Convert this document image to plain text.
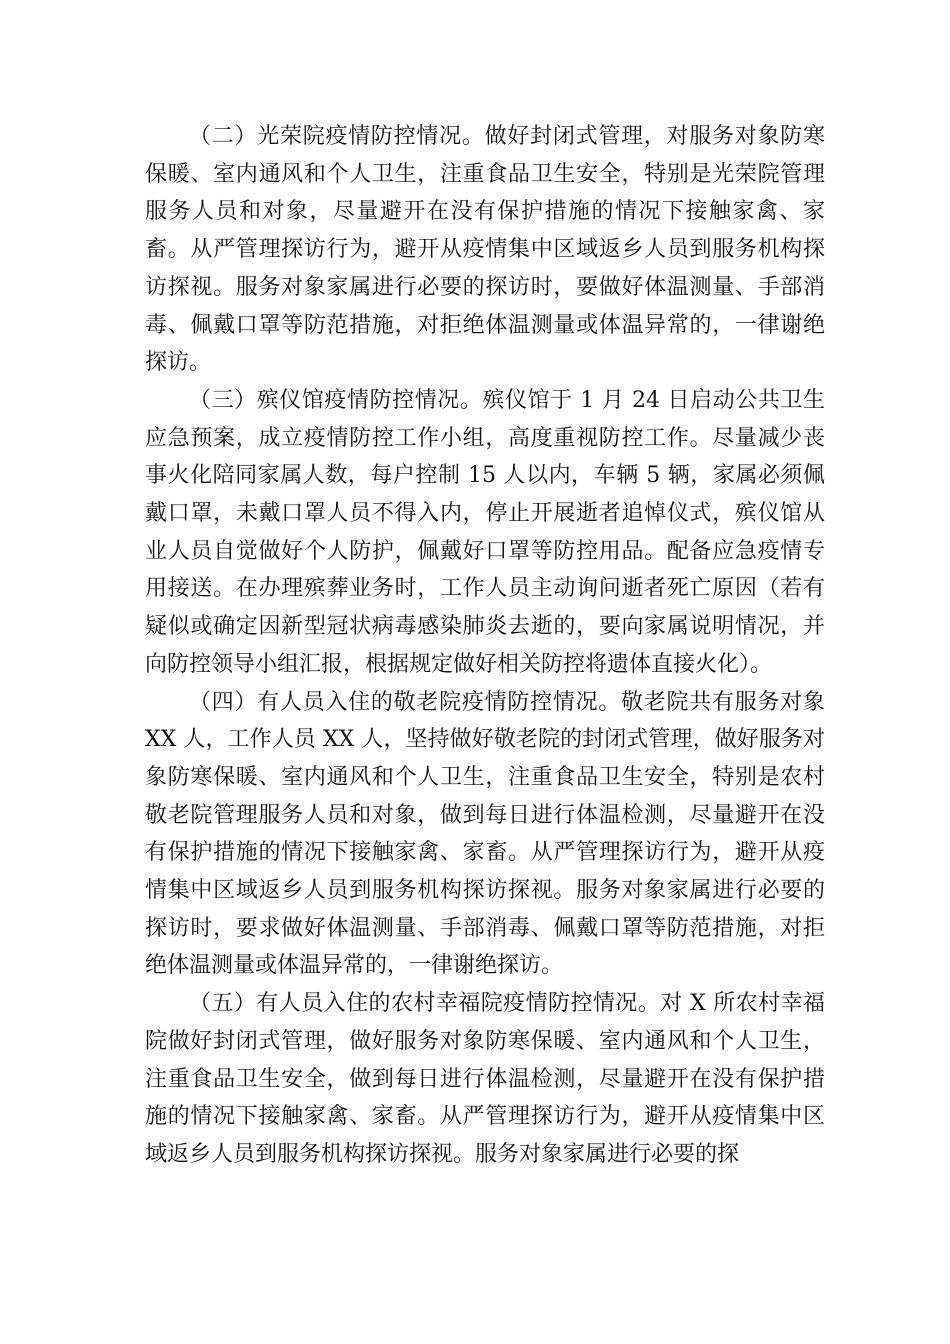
（二）光荣院疫情防控情况。做好封闭式管理，对服务对象防寒保暖、室内通风和个人卫生，注重食品卫生安全，特别是光荣院管理服务人员和对象，尽量避开在没有保护措施的情况下接触家禽、家畜。从严管理探访行为，避开从疫情集中区域返乡人员到服务机构探访探视。服务对象家属进行必要的探访时，要做好体温测量、手部消毒、佩戴口罩等防范措施，对拒绝体温测量或体温异常的，一律谢绝探访。

（三）殡仪馆疫情防控情况。殡仪馆于 1 月 24 日启动公共卫生应急预案，成立疫情防控工作小组，高度重视防控工作。尽量减少丧事火化陪同家属人数，每户控制 15 人以内，车辆 5 辆，家属必须佩戴口罩，未戴口罩人员不得入内，停止开展逝者追悼仪式，殡仪馆从业人员自觉做好个人防护，佩戴好口罩等防控用品。配备应急疫情专用接送。在办理殡葬业务时，工作人员主动询问逝者死亡原因（若有疑似或确定因新型冠状病毒感染肺炎去逝的，要向家属说明情况，并向防控领导小组汇报，根据规定做好相关防控将遗体直接火化）。

（四）有人员入住的敬老院疫情防控情况。敬老院共有服务对象 XX 人，工作人员 XX 人，坚持做好敬老院的封闭式管理，做好服务对象防寒保暖、室内通风和个人卫生，注重食品卫生安全，特别是农村敬老院管理服务人员和对象，做到每日进行体温检测，尽量避开在没有保护措施的情况下接触家禽、家畜。从严管理探访行为，避开从疫情集中区域返乡人员到服务机构探访探视。服务对象家属进行必要的探访时，要求做好体温测量、手部消毒、佩戴口罩等防范措施，对拒绝体温测量或体温异常的，一律谢绝探访。

（五）有人员入住的农村幸福院疫情防控情况。对 X 所农村幸福院做好封闭式管理，做好服务对象防寒保暖、室内通风和个人卫生，注重食品卫生安全，做到每日进行体温检测，尽量避开在没有保护措施的情况下接触家禽、家畜。从严管理探访行为，避开从疫情集中区域返乡人员到服务机构探访探视。服务对象家属进行必要的探
